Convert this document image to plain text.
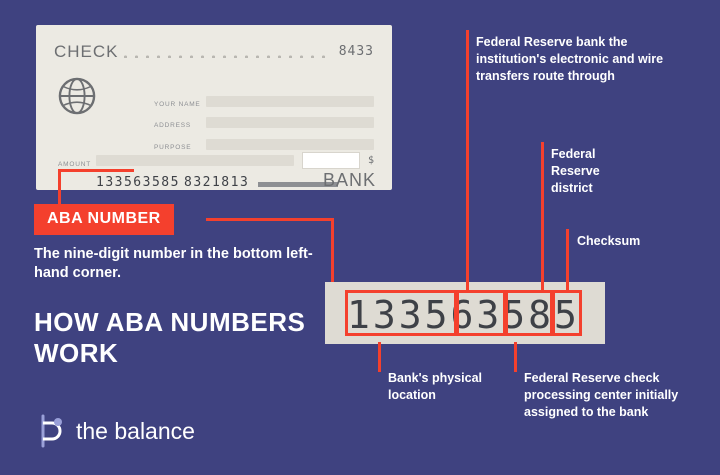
CHECK	8433
YOUR NAME
ADDRESS
PURPOSE
AMOUNT	$
133563585 8321813	BANK
ABA NUMBER
The nine-digit number in the bottom left-hand corner.
HOW ABA NUMBERS WORK
the balance
133563585
Federal Reserve bank the institution's electronic and wire transfers route through
Federal Reserve district
Checksum
Bank's physical location
Federal Reserve check processing center initially assigned to the bank
